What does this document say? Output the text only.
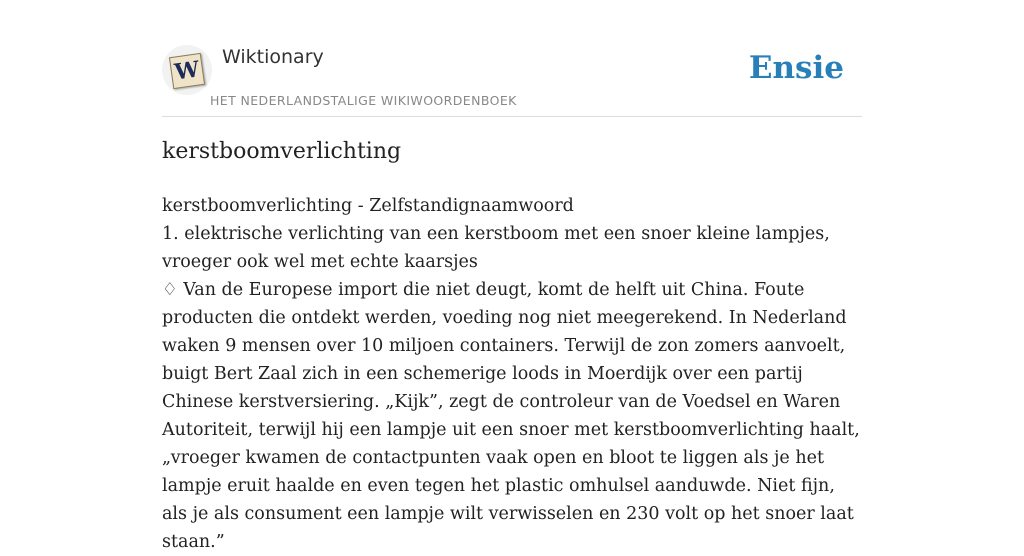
W Wiktionary
HET NEDERLANDSTALIGE WIKIWOORDENBOEK
Ensie
kerstboomverlichting

kerstboomverlichting - Zelfstandignaamwoord

1. elektrische verlichting van een kerstboom met een snoer kleine lampjes, vroeger ook wel met echte kaarsjes

♢ Van de Europese import die niet deugt, komt de helft uit China. Foute producten die ontdekt werden, voeding nog niet meegerekend. In Nederland waken 9 mensen over 10 miljoen containers. Terwijl de zon zomers aanvoelt, buigt Bert Zaal zich in een schemerige loods in Moerdijk over een partij Chinese kerstversiering. „Kijk”, zegt de controleur van de Voedsel en Waren Autoriteit, terwijl hij een lampje uit een snoer met kerstboomverlichting haalt, „vroeger kwamen de contactpunten vaak open en bloot te liggen als je het lampje eruit haalde en even tegen het plastic omhulsel aanduwde. Niet fijn, als je als consument een lampje wilt verwisselen en 230 volt op het snoer laat staan.”
